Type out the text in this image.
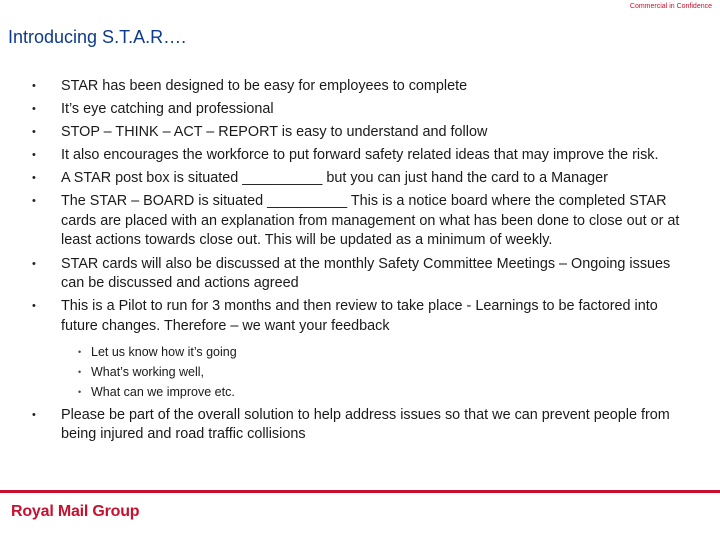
Commercial in Confidence
Introducing S.T.A.R….
• STAR has been designed to be easy for employees to complete
• It’s eye catching and professional
• STOP – THINK – ACT – REPORT is easy to understand and follow
• It also encourages the workforce to put forward safety related ideas that may improve the risk.
• A STAR post box is situated __________ but you can just hand the card to a Manager
• The STAR – BOARD is situated __________ This is a notice board where the completed STAR cards are placed with an explanation from management on what has been done to close out or at least actions towards close out. This will be updated as a minimum of weekly.
• STAR cards will also be discussed at the monthly Safety Committee Meetings – Ongoing issues can be discussed and actions agreed
• This is a Pilot to run for 3 months and then review to take place - Learnings to be factored into future changes. Therefore – we want your feedback
• Let us know how it’s going
• What’s working well,
• What can we improve etc.
• Please be part of the overall solution to help address issues so that we can prevent people from being injured and road traffic collisions
Royal Mail Group
